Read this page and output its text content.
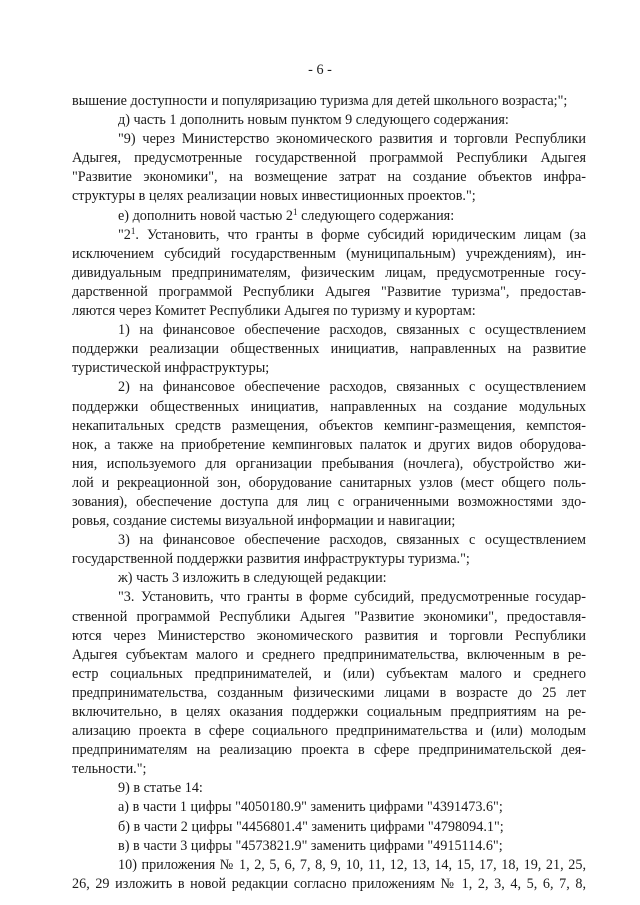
- 6 -
вышение доступности и популяризацию туризма для детей школьного возраста;";
д) часть 1 дополнить новым пунктом 9 следующего содержания:
"9) через Министерство экономического развития и торговли Республики
Адыгея, предусмотренные государственной программой Республики Адыгея
"Развитие экономики", на возмещение затрат на создание объектов инфра-
структуры в целях реализации новых инвестиционных проектов.";
е) дополнить новой частью $2^1$ следующего содержания:
"$2^1$. Установить, что гранты в форме субсидий юридическим лицам (за
исключением субсидий государственным (муниципальным) учреждениям), ин-
дивидуальным предпринимателям, физическим лицам, предусмотренные госу-
дарственной программой Республики Адыгея "Развитие туризма", предостав-
ляются через Комитет Республики Адыгея по туризму и курортам:
1) на финансовое обеспечение расходов, связанных с осуществлением
поддержки реализации общественных инициатив, направленных на развитие
туристической инфраструктуры;
2) на финансовое обеспечение расходов, связанных с осуществлением
поддержки общественных инициатив, направленных на создание модульных
некапитальных средств размещения, объектов кемпинг-размещения, кемпстоя-
нок, а также на приобретение кемпинговых палаток и других видов оборудова-
ния, используемого для организации пребывания (ночлега), обустройство жи-
лой и рекреационной зон, оборудование санитарных узлов (мест общего поль-
зования), обеспечение доступа для лиц с ограниченными возможностями здо-
ровья, создание системы визуальной информации и навигации;
3) на финансовое обеспечение расходов, связанных с осуществлением
государственной поддержки развития инфраструктуры туризма.";
ж) часть 3 изложить в следующей редакции:
"3. Установить, что гранты в форме субсидий, предусмотренные государ-
ственной программой Республики Адыгея "Развитие экономики", предоставля-
ются через Министерство экономического развития и торговли Республики
Адыгея субъектам малого и среднего предпринимательства, включенным в ре-
естр социальных предпринимателей, и (или) субъектам малого и среднего
предпринимательства, созданным физическими лицами в возрасте до 25 лет
включительно, в целях оказания поддержки социальным предприятиям на ре-
ализацию проекта в сфере социального предпринимательства и (или) молодым
предпринимателям на реализацию проекта в сфере предпринимательской дея-
тельности.";
9) в статье 14:
а) в части 1 цифры "4050180.9" заменить цифрами "4391473.6";
б) в части 2 цифры "4456801.4" заменить цифрами "4798094.1";
в) в части 3 цифры "4573821.9" заменить цифрами "4915114.6";
10) приложения № 1, 2, 5, 6, 7, 8, 9, 10, 11, 12, 13, 14, 15, 17, 18, 19, 21, 25,
26, 29 изложить в новой редакции согласно приложениям № 1, 2, 3, 4, 5, 6, 7, 8,
